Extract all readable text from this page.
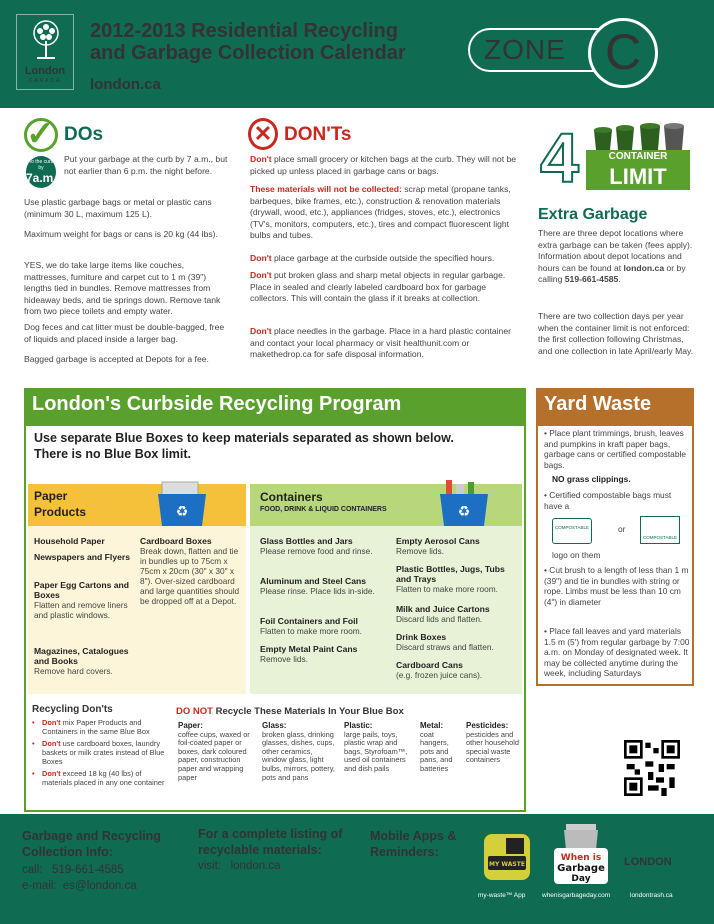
London
CANADA
2012-2013 Residential Recycling
and Garbage Collection Calendar
london.ca
ZONE C
✓ DOs
To the curb by
7a.m.
Put your garbage at the curb by 7 a.m., but not earlier than 6 p.m. the night before.
Use plastic garbage bags or metal or plastic cans (minimum 30 L, maximum 125 L).
Maximum weight for bags or cans is 20 kg (44 lbs).
YES, we do take large items like couches, mattresses, furniture and carpet cut to 1 m (39") lengths tied in bundles. Remove mattresses from hideaway beds, and tie springs down. Remove tank from two piece toilets and empty water.
Dog feces and cat litter must be double-bagged, free of liquids and placed inside a larger bag.
Bagged garbage is accepted at Depots for a fee.
✕ DON'Ts
Don't place small grocery or kitchen bags at the curb. They will not be picked up unless placed in garbage cans or bags.
These materials will not be collected: scrap metal (propane tanks, barbeques, bike frames, etc.), construction & renovation materials (drywall, wood, etc.), appliances (fridges, stoves, etc.), electronics (TV's, monitors, computers, etc.), tires and compact fluorescent light bulbs and tubes.
Don't place garbage at the curbside outside the specified hours.
Don't put broken glass and sharp metal objects in regular garbage. Place in sealed and clearly labeled cardboard box for garbage collectors. This will contain the glass if it breaks at collection.
Don't place needles in the garbage. Place in a hard plastic container and contact your local pharmacy or visit healthunit.com or makethedrop.ca for safe disposal information.
4	CONTAINER
LIMIT
Extra Garbage
There are three depot locations where extra garbage can be taken (fees apply). Information about depot locations and hours can be found at london.ca or by calling 519-661-4585.
There are two collection days per year when the container limit is not enforced: the first collection following Christmas, and one collection in late April/early May.
London's Curbside Recycling Program
Use separate Blue Boxes to keep materials separated as shown below.
There is no Blue Box limit.
Paper
Products	♻
Containers
FOOD, DRINK & LIQUID CONTAINERS	♻
Household Paper
Newspapers and Flyers
Paper Egg Cartons and Boxes
Flatten and remove liners and plastic windows.
Magazines, Catalogues and Books
Remove hard covers.
Cardboard Boxes
Break down, flatten and tie in bundles up to 75cm x 75cm x 20cm (30" x 30" x 8"). Over-sized cardboard and large quantities should be dropped off at a Depot.
Glass Bottles and Jars
Please remove food and rinse.
Aluminum and Steel Cans
Please rinse. Place lids in-side.
Foil Containers and Foil
Flatten to make more room.
Empty Metal Paint Cans
Remove lids.
Empty Aerosol Cans
Remove lids.
Plastic Bottles, Jugs, Tubs and Trays
Flatten to make more room.
Milk and Juice Cartons
Discard lids and flatten.
Drink Boxes
Discard straws and flatten.
Cardboard Cans
(e.g. frozen juice cans).
Recycling Don'ts
• Don't mix Paper Products and Containers in the same Blue Box
• Don't use cardboard boxes, laundry baskets or milk crates instead of Blue Boxes
• Don't exceed 18 kg (40 lbs) of materials placed in any one container
DO NOT Recycle These Materials In Your Blue Box
Paper:
coffee cups, waxed or foil-coated paper or boxes, dark coloured paper, construction paper and wrapping paper
Glass:
broken glass, drinking glasses, dishes, cups, other ceramics, window glass, light bulbs, mirrors, pottery, pots and pans
Plastic:
large pails, toys, plastic wrap and bags, Styrofoam™, used oil containers and dish pails
Metal:
coat hangers, pots and pans, and batteries
Pesticides:
pesticides and other household special waste containers
Yard Waste
• Place plant trimmings, brush, leaves and pumpkins in kraft paper bags, garbage cans or certified compostable bags.
NO grass clippings.
• Certified compostable bags must have a
COMPOSTABLE	or
COMPOSTABLE
logo on them
• Cut brush to a length of less than 1 m (39") and tie in bundles with string or rope. Limbs must be less than 10 cm (4") in diameter
• Place fall leaves and yard materials 1.5 m (5') from regular garbage by 7:00 a.m. on Monday of designated week. It may be collected anytime during the week, including Saturdays
Garbage and Recycling
Collection Info:
call: 519-661-4585
e-mail: es@london.ca
For a complete listing of
recyclable materials:
visit: london.ca
Mobile Apps &
Reminders:
MY WASTE
When is
Garbage
Day
LONDON
my-waste™ App	whenisgarbageday.com	londontrash.ca
